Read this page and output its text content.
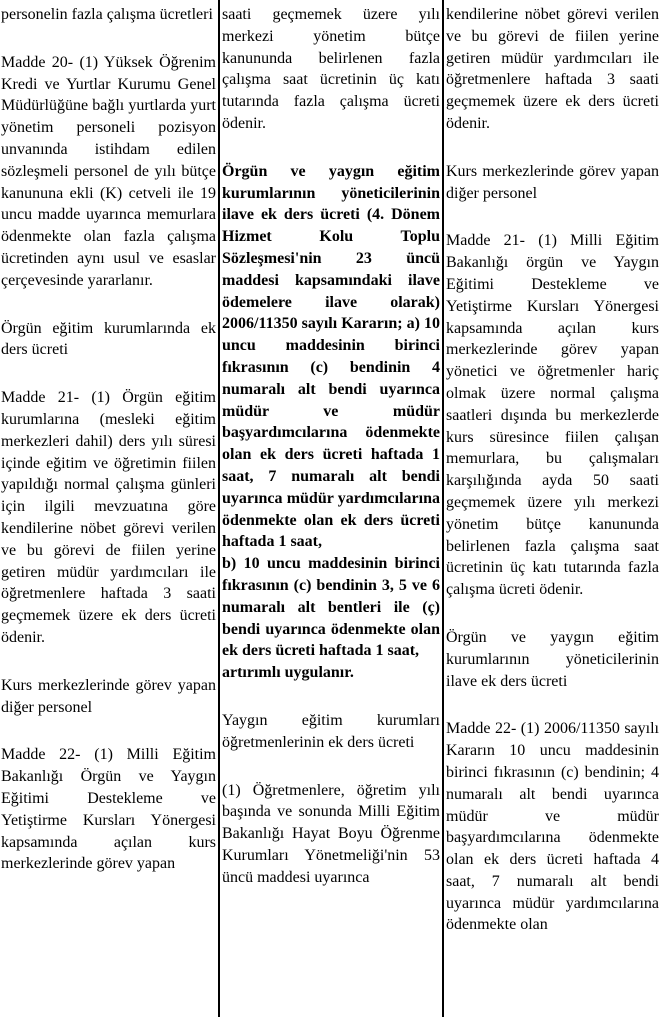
personelin fazla çalışma ücretleri

Madde 20- (1) Yüksek Öğrenim Kredi ve Yurtlar Kurumu Genel Müdürlüğüne bağlı yurtlarda yurt yönetim personeli pozisyon unvanında istihdam edilen sözleşmeli personel de yılı bütçe kanununa ekli (K) cetveli ile 19 uncu madde uyarınca memurlara ödenmekte olan fazla çalışma ücretinden aynı usul ve esaslar çerçevesinde yararlanır.

Örgün eğitim kurumlarında ek ders ücreti

Madde 21- (1) Örgün eğitim kurumlarına (mesleki eğitim merkezleri dahil) ders yılı süresi içinde eğitim ve öğretimin fiilen yapıldığı normal çalışma günleri için ilgili mevzuatına göre kendilerine nöbet görevi verilen ve bu görevi de fiilen yerine getiren müdür yardımcıları ile öğretmenlere haftada 3 saati geçmemek üzere ek ders ücreti ödenir.

Kurs merkezlerinde görev yapan diğer personel

Madde 22- (1) Milli Eğitim Bakanlığı Örgün ve Yaygın Eğitimi Destekleme ve Yetiştirme Kursları Yönergesi kapsamında açılan kurs merkezlerinde görev yapan

saati geçmemek üzere yılı merkezi yönetim bütçe kanununda belirlenen fazla çalışma saat ücretinin üç katı tutarında fazla çalışma ücreti ödenir.

Örgün ve yaygın eğitim kurumlarının yöneticilerinin ilave ek ders ücreti (4. Dönem Hizmet Kolu Toplu Sözleşmesi'nin 23 üncü maddesi kapsamındaki ilave ödemelere ilave olarak) 2006/11350 sayılı Kararın; a) 10 uncu maddesinin birinci fıkrasının (c) bendinin 4 numaralı alt bendi uyarınca müdür ve müdür başyardımcılarına ödenmekte olan ek ders ücreti haftada 1 saat, 7 numaralı alt bendi uyarınca müdür yardımcılarına ödenmekte olan ek ders ücreti haftada 1 saat,

b) 10 uncu maddesinin birinci fıkrasının (c) bendinin 3, 5 ve 6 numaralı alt bentleri ile (ç) bendi uyarınca ödenmekte olan ek ders ücreti haftada 1 saat,

artırımlı uygulanır.

Yaygın eğitim kurumları öğretmenlerinin ek ders ücreti

(1) Öğretmenlere, öğretim yılı başında ve sonunda Milli Eğitim Bakanlığı Hayat Boyu Öğrenme Kurumları Yönetmeliği'nin 53 üncü maddesi uyarınca

kendilerine nöbet görevi verilen ve bu görevi de fiilen yerine getiren müdür yardımcıları ile öğretmenlere haftada 3 saati geçmemek üzere ek ders ücreti ödenir.

Kurs merkezlerinde görev yapan diğer personel

Madde 21- (1) Milli Eğitim Bakanlığı örgün ve Yaygın Eğitimi Destekleme ve Yetiştirme Kursları Yönergesi kapsamında açılan kurs merkezlerinde görev yapan yönetici ve öğretmenler hariç olmak üzere normal çalışma saatleri dışında bu merkezlerde kurs süresince fiilen çalışan memurlara, bu çalışmaları karşılığında ayda 50 saati geçmemek üzere yılı merkezi yönetim bütçe kanununda belirlenen fazla çalışma saat ücretinin üç katı tutarında fazla çalışma ücreti ödenir.

Örgün ve yaygın eğitim kurumlarının yöneticilerinin ilave ek ders ücreti

Madde 22- (1) 2006/11350 sayılı Kararın 10 uncu maddesinin birinci fıkrasının (c) bendinin; 4 numaralı alt bendi uyarınca müdür ve müdür başyardımcılarına ödenmekte olan ek ders ücreti haftada 4 saat, 7 numaralı alt bendi uyarınca müdür yardımcılarına ödenmekte olan
